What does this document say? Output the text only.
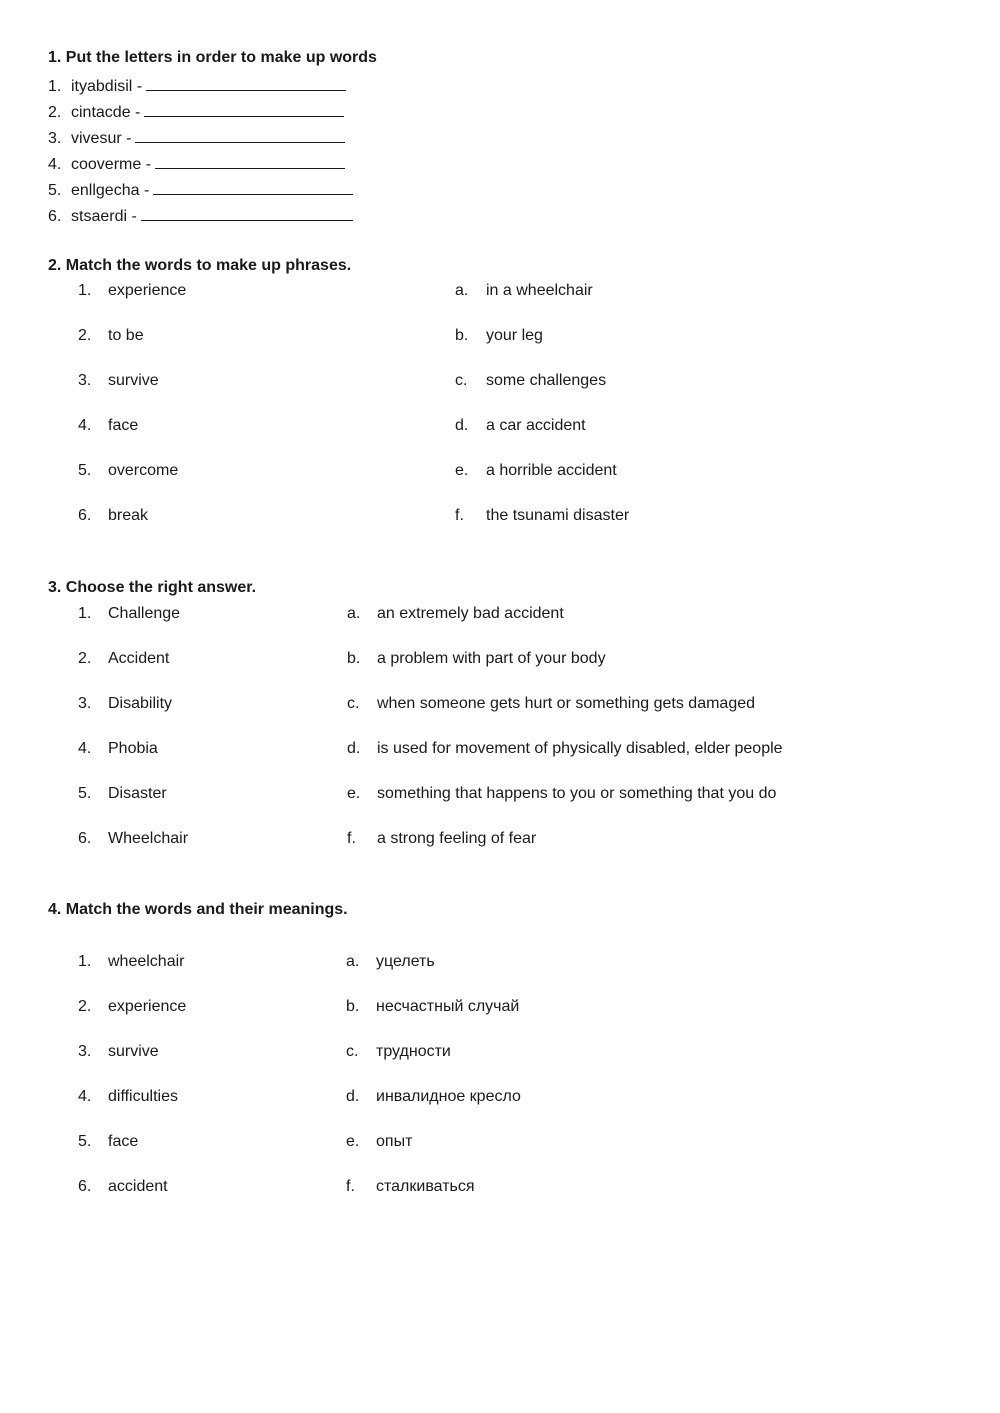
1. Put the letters in order to make up words
1. ityabdisil -
2. cintacde -
3. vivesur -
4. cooverme -
5. enllgecha -
6. stsaerdi -
2. Match the words to make up phrases.
1. experience
2. to be
3. survive
4. face
5. overcome
6. break
a. in a wheelchair
b. your leg
c. some challenges
d. a car accident
e. a horrible accident
f. the tsunami disaster
3. Choose the right answer.
1. Challenge
2. Accident
3. Disability
4. Phobia
5. Disaster
6. Wheelchair
a. an extremely bad accident
b. a problem with part of your body
c. when someone gets hurt or something gets damaged
d. is used for movement of physically disabled, elder people
e. something that happens to you or something that you do
f. a strong feeling of fear
4. Match the words and their meanings.
1. wheelchair
2. experience
3. survive
4. difficulties
5. face
6. accident
a. уцелеть
b. несчастный случай
c. трудности
d. инвалидное кресло
e. опыт
f. сталкиваться
